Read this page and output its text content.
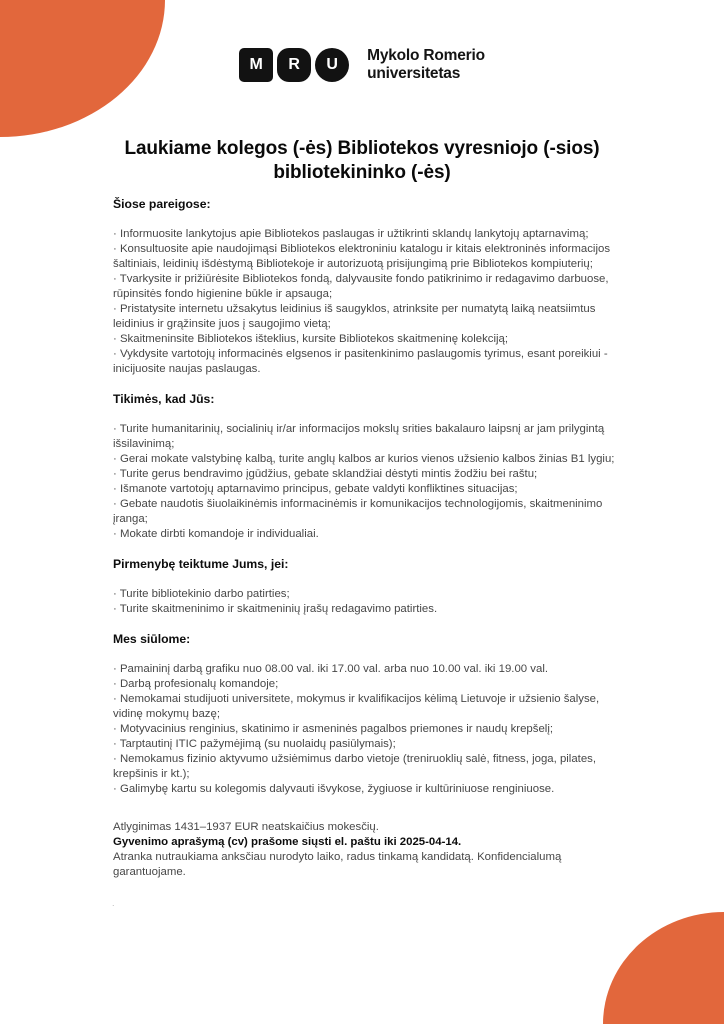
M	R	U
Mykolo Romerio
universitetas
Laukiame kolegos (-ės) Bibliotekos vyresniojo (-sios) bibliotekininko (-ės)
Šiose pareigose:
· Informuosite lankytojus apie Bibliotekos paslaugas ir užtikrinti sklandų lankytojų aptarnavimą;
· Konsultuosite apie naudojimąsi Bibliotekos elektroniniu katalogu ir kitais elektroninės informacijos šaltiniais, leidinių išdėstymą Bibliotekoje ir autorizuotą prisijungimą prie Bibliotekos kompiuterių;
· Tvarkysite ir prižiūrėsite Bibliotekos fondą, dalyvausite fondo patikrinimo ir redagavimo darbuose, rūpinsitės fondo higienine būkle ir apsauga;
· Pristatysite internetu užsakytus leidinius iš saugyklos, atrinksite per numatytą laiką neatsiimtus leidinius ir grąžinsite juos į saugojimo vietą;
· Skaitmeninsite Bibliotekos išteklius, kursite Bibliotekos skaitmeninę kolekciją;
· Vykdysite vartotojų informacinės elgsenos ir pasitenkinimo paslaugomis tyrimus, esant poreikiui - inicijuosite naujas paslaugas.
Tikimės, kad Jūs:
· Turite humanitarinių, socialinių ir/ar informacijos mokslų srities bakalauro laipsnį ar jam prilygintą išsilavinimą;
· Gerai mokate valstybinę kalbą, turite anglų kalbos ar kurios vienos užsienio kalbos žinias B1 lygiu;
· Turite gerus bendravimo įgūdžius, gebate sklandžiai dėstyti mintis žodžiu bei raštu;
· Išmanote vartotojų aptarnavimo principus, gebate valdyti konfliktines situacijas;
· Gebate naudotis šiuolaikinėmis informacinėmis ir komunikacijos technologijomis, skaitmeninimo įranga;
· Mokate dirbti komandoje ir individualiai.
Pirmenybę teiktume Jums, jei:
· Turite bibliotekinio darbo patirties;
· Turite skaitmeninimo ir skaitmeninių įrašų redagavimo patirties.
Mes siūlome:
· Pamaininį darbą grafiku nuo 08.00 val. iki 17.00 val. arba nuo 10.00 val. iki 19.00 val.
· Darbą profesionalų komandoje;
· Nemokamai studijuoti universitete, mokymus ir kvalifikacijos kėlimą Lietuvoje ir užsienio šalyse, vidinę mokymų bazę;
· Motyvacinius renginius, skatinimo ir asmeninės pagalbos priemones ir naudų krepšelį;
· Tarptautinį ITIC pažymėjimą (su nuolaidų pasiūlymais);
· Nemokamus fizinio aktyvumo užsiėmimus darbo vietoje (treniruoklių salė, fitness, joga, pilates, krepšinis ir kt.);
· Galimybę kartu su kolegomis dalyvauti išvykose, žygiuose ir kultūriniuose renginiuose.
Atlyginimas 1431–1937 EUR neatskaičius mokesčių.
Gyvenimo aprašymą (cv) prašome siųsti el. paštu iki 2025-04-14.
Atranka nutraukiama anksčiau nurodyto laiko, radus tinkamą kandidatą. Konfidencialumą garantuojame.
.
